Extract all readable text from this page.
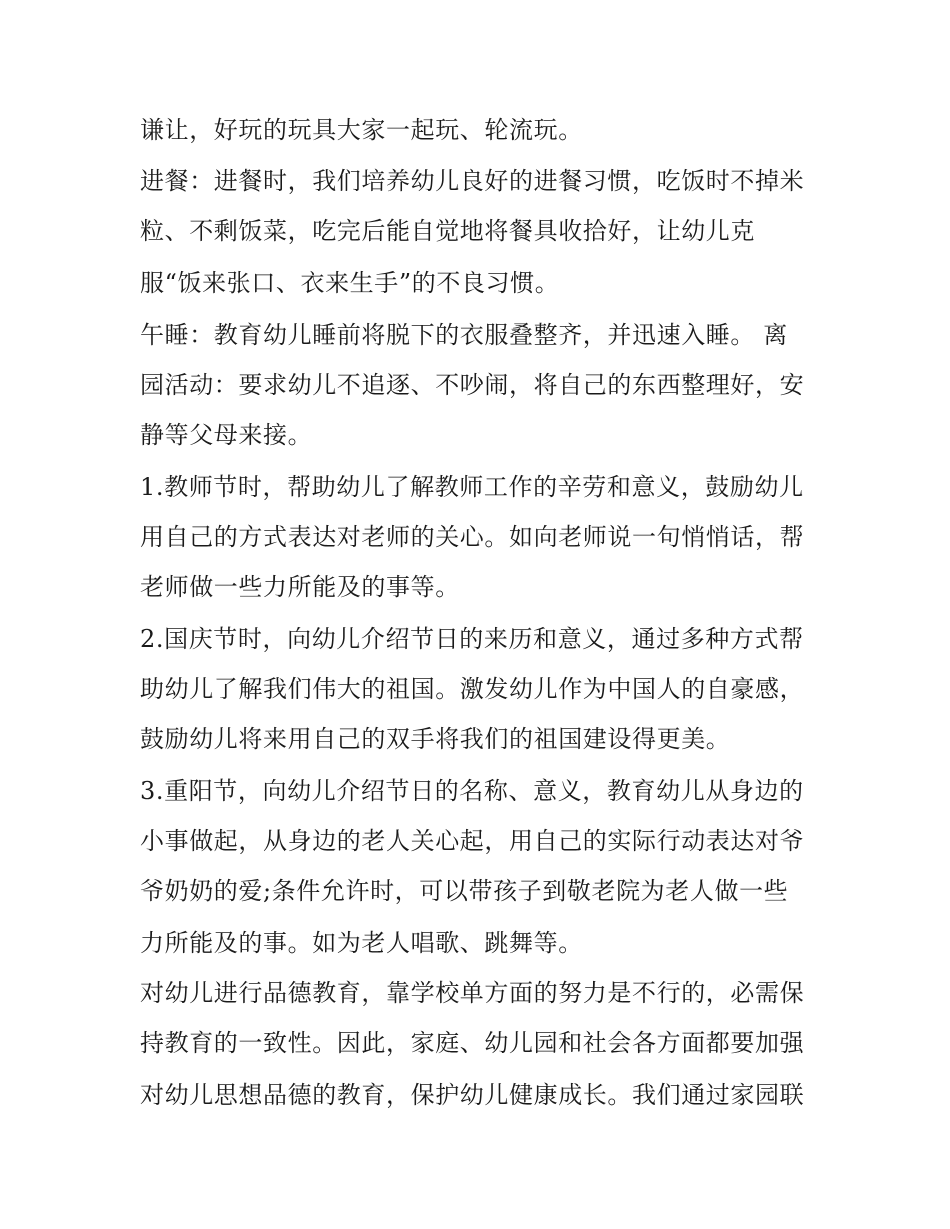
谦让，好玩的玩具大家一起玩、轮流玩。
进餐：进餐时，我们培养幼儿良好的进餐习惯，吃饭时不掉米
粒、不剩饭菜，吃完后能自觉地将餐具收拾好，让幼儿克
服“饭来张口、衣来生手”的不良习惯。
午睡：教育幼儿睡前将脱下的衣服叠整齐，并迅速入睡。 离
园活动：要求幼儿不追逐、不吵闹，将自己的东西整理好，安
静等父母来接。
1.教师节时，帮助幼儿了解教师工作的辛劳和意义，鼓励幼儿
用自己的方式表达对老师的关心。如向老师说一句悄悄话，帮
老师做一些力所能及的事等。
2.国庆节时，向幼儿介绍节日的来历和意义，通过多种方式帮
助幼儿了解我们伟大的祖国。激发幼儿作为中国人的自豪感，
鼓励幼儿将来用自己的双手将我们的祖国建设得更美。
3.重阳节，向幼儿介绍节日的名称、意义，教育幼儿从身边的
小事做起，从身边的老人关心起，用自己的实际行动表达对爷
爷奶奶的爱;条件允许时，可以带孩子到敬老院为老人做一些
力所能及的事。如为老人唱歌、跳舞等。
对幼儿进行品德教育，靠学校单方面的努力是不行的，必需保
持教育的一致性。因此，家庭、幼儿园和社会各方面都要加强
对幼儿思想品德的教育，保护幼儿健康成长。我们通过家园联
